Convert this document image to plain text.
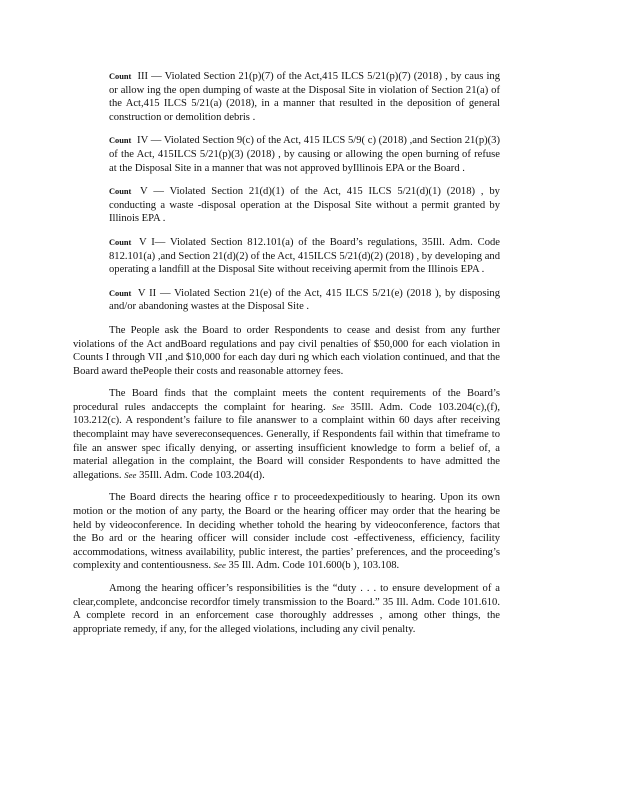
Count III — Violated Section 21(p)(7) of the Act,415 ILCS 5/21(p)(7) (2018) , by caus ing or allow ing the open dumping of waste at the Disposal Site in violation of Section 21(a) of the Act,415 ILCS 5/21(a) (2018), in a manner that resulted in the deposition of general construction or demolition debris .

Count IV — Violated Section 9(c) of the Act, 415 ILCS 5/9( c) (2018) ,and Section 21(p)(3) of the Act, 415ILCS 5/21(p)(3) (2018) , by causing or allowing the open burning of refuse at the Disposal Site in a manner that was not approved byIllinois EPA or the Board .

Count V — Violated Section 21(d)(1) of the Act, 415 ILCS 5/21(d)(1) (2018) , by conducting a waste -disposal operation at the Disposal Site without a permit granted by Illinois EPA .

Count V I— Violated Section 812.101(a) of the Board’s regulations, 35Ill. Adm. Code 812.101(a) ,and Section 21(d)(2) of the Act, 415ILCS 5/21(d)(2) (2018) , by developing and operating a landfill at the Disposal Site without receiving apermit from the Illinois EPA .

Count V II — Violated Section 21(e) of the Act, 415 ILCS 5/21(e) (2018 ), by disposing and/or abandoning wastes at the Disposal Site .

The People ask the Board to order Respondents to cease and desist from any further violations of the Act andBoard regulations and pay civil penalties of $50,000 for each violation in Counts I through VII ,and $10,000 for each day duri ng which each violation continued, and that the Board award thePeople their costs and reasonable attorney fees.

The Board finds that the complaint meets the content requirements of the Board’s procedural rules andaccepts the complaint for hearing. See 35Ill. Adm. Code 103.204(c),(f), 103.212(c). A respondent’s failure to file ananswer to a complaint within 60 days after receiving thecomplaint may have severeconsequences. Generally, if Respondents fail within that timeframe to file an answer spec ifically denying, or asserting insufficient knowledge to form a belief of, a material allegation in the complaint, the Board will consider Respondents to have admitted the allegations. See 35Ill. Adm. Code 103.204(d).

The Board directs the hearing office r to proceedexpeditiously to hearing. Upon its own motion or the motion of any party, the Board or the hearing officer may order that the hearing be held by videoconference. In deciding whether tohold the hearing by videoconference, factors that the Bo ard or the hearing officer will consider include cost -effectiveness, efficiency, facility accommodations, witness availability, public interest, the parties’ preferences, and the proceeding’s complexity and contentiousness. See 35 Ill. Adm. Code 101.600(b ), 103.108.

Among the hearing officer’s responsibilities is the “duty . . . to ensure development of a clear,complete, andconcise recordfor timely transmission to the Board.” 35 Ill. Adm. Code 101.610. A complete record in an enforcement case thoroughly addresses , among other things, the appropriate remedy, if any, for the alleged violations, including any civil penalty.
